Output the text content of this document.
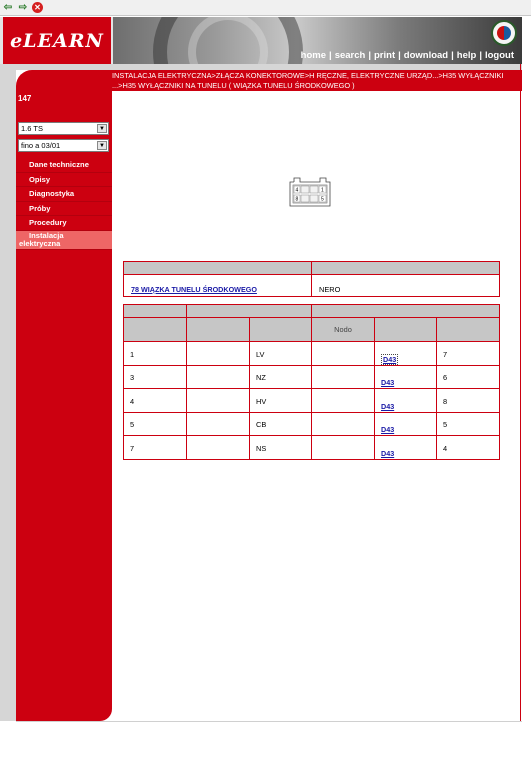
⇦ ⇨ ✕
eLEARN
home | search | print | download | help | logout
INSTALACJA ELEKTRYCZNA>ZŁĄCZA KONEKTOROWE>H RĘCZNE, ELEKTRYCZNE URZĄD...>H35 WYŁĄCZNIKI ...>H35 WYŁĄCZNIKI NA TUNELU ( WIĄZKA TUNELU ŚRODKOWEGO )
147
1.6 TS	▼
fino a 03/01	▼
Dane techniczne
Opisy
Diagnostyka
Próby
Procedury
Instalacja
elektryczna
4	1
8	5

78 WIĄZKA TUNELU ŚRODKOWEGO	NERO

			Nodo		
1		LV		D43	7
3		NZ		D43	6
4		HV		D43	8
5		CB		D43	5
7		NS		D43	4
